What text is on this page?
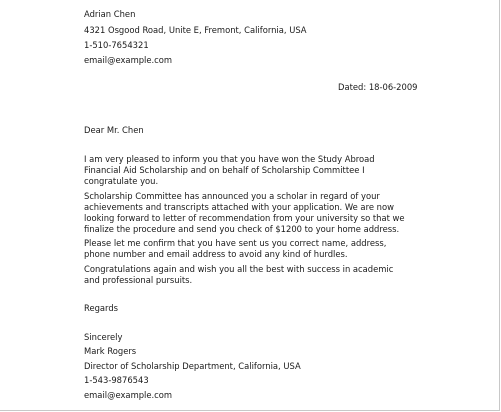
Adrian Chen
4321 Osgood Road, Unite E, Fremont, California, USA
1-510-7654321
email@example.com
Dated: 18-06-2009
Dear Mr. Chen
I am very pleased to inform you that you have won the Study Abroad
Financial Aid Scholarship and on behalf of Scholarship Committee I
congratulate you.
Scholarship Committee has announced you a scholar in regard of your
achievements and transcripts attached with your application. We are now
looking forward to letter of recommendation from your university so that we
finalize the procedure and send you check of $1200 to your home address.
Please let me confirm that you have sent us you correct name, address,
phone number and email address to avoid any kind of hurdles.
Congratulations again and wish you all the best with success in academic
and professional pursuits.
Regards
Sincerely
Mark Rogers
Director of Scholarship Department, California, USA
1-543-9876543
email@example.com
